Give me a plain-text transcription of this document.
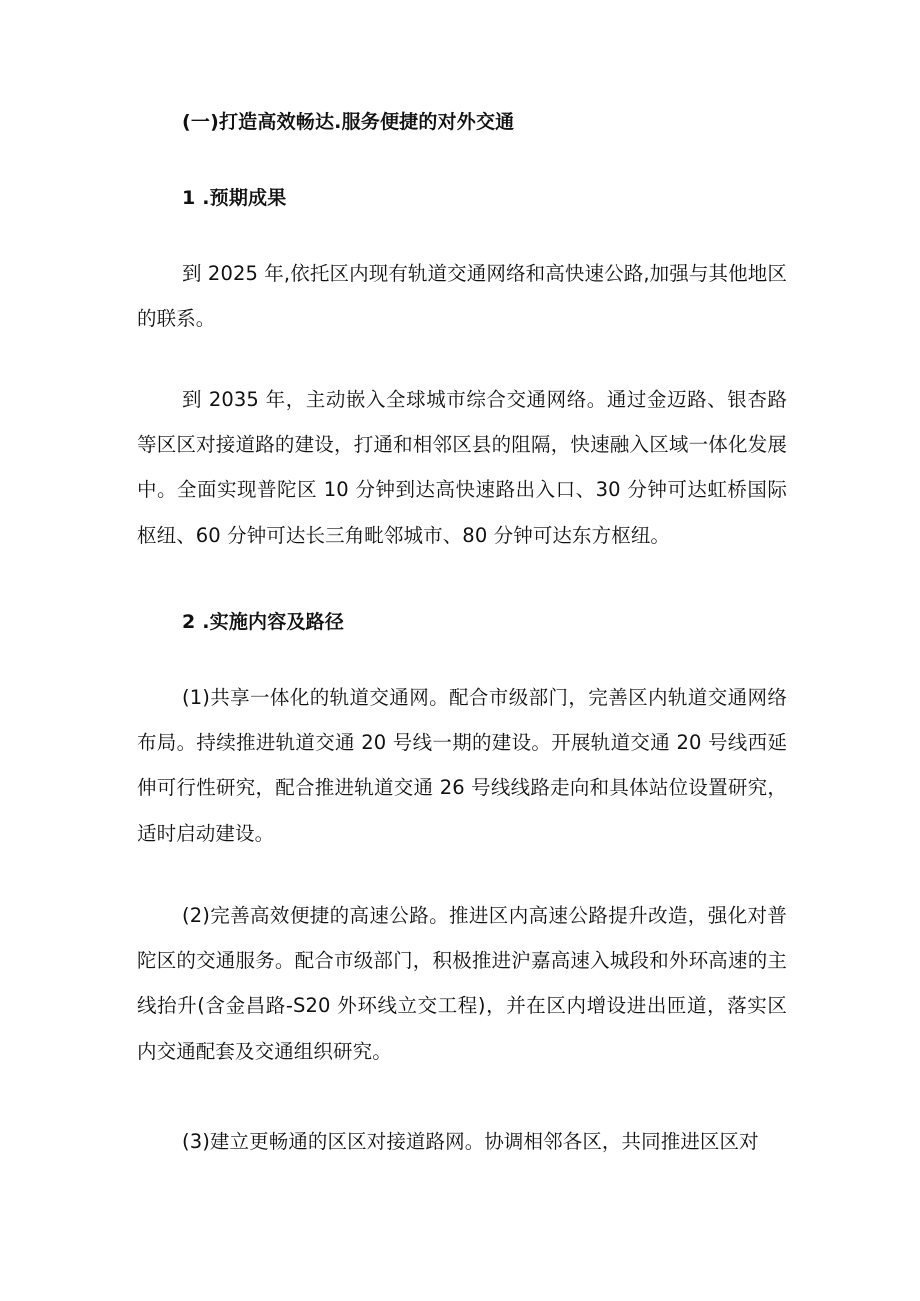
(一)打造高效畅达.服务便捷的对外交通
1 .预期成果
到 2025 年,依托区内现有轨道交通网络和高快速公路,加强与其他地区的联系。
到 2035 年，主动嵌入全球城市综合交通网络。通过金迈路、银杏路等区区对接道路的建设，打通和相邻区县的阻隔，快速融入区域一体化发展中。全面实现普陀区 10 分钟到达高快速路出入口、30 分钟可达虹桥国际枢纽、60 分钟可达长三角毗邻城市、80 分钟可达东方枢纽。
2 .实施内容及路径
(1)共享一体化的轨道交通网。配合市级部门，完善区内轨道交通网络布局。持续推进轨道交通 20 号线一期的建设。开展轨道交通 20 号线西延伸可行性研究，配合推进轨道交通 26 号线线路走向和具体站位设置研究，适时启动建设。
(2)完善高效便捷的高速公路。推进区内高速公路提升改造，强化对普陀区的交通服务。配合市级部门，积极推进沪嘉高速入城段和外环高速的主线抬升(含金昌路-S20 外环线立交工程)，并在区内增设进出匝道，落实区内交通配套及交通组织研究。
(3)建立更畅通的区区对接道路网。协调相邻各区，共同推进区区对
